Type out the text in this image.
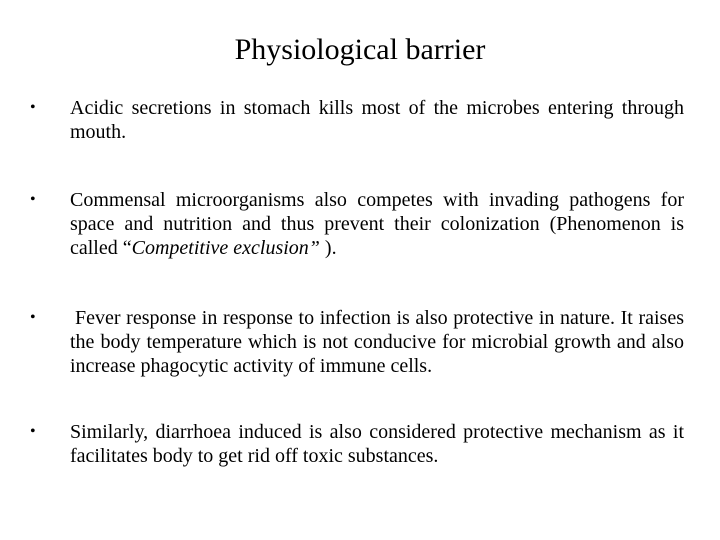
Physiological barrier
•	Acidic secretions in stomach kills most of the microbes entering through mouth.
•	Commensal microorganisms also competes with invading pathogens for space and nutrition and thus prevent their colonization (Phenomenon is called “Competitive exclusion” ).
•	Fever response in response to infection is also protective in nature. It raises the body temperature which is not conducive for microbial growth and also increase phagocytic activity of immune cells.
•	Similarly, diarrhoea induced is also considered protective mechanism as it facilitates body to get rid off toxic substances.
